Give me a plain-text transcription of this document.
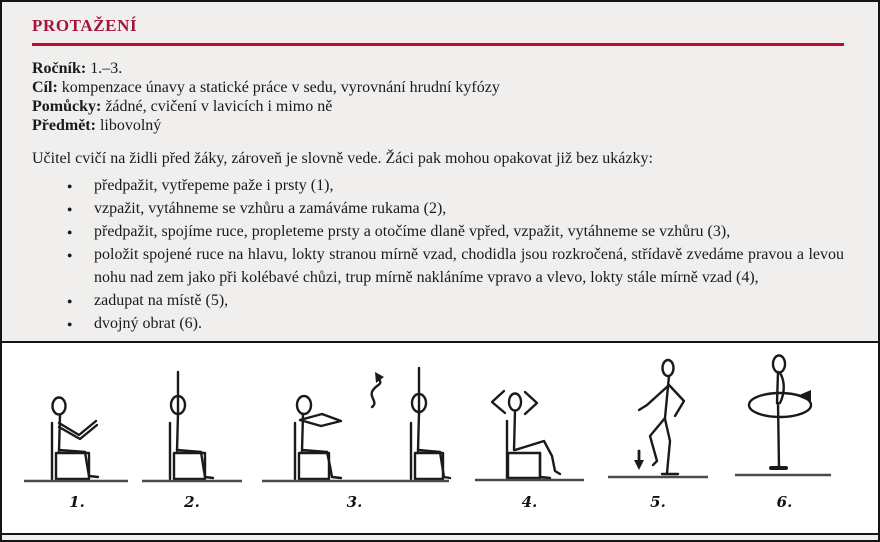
PROTAŽENÍ
Ročník: 1.–3.
Cíl: kompenzace únavy a statické práce v sedu, vyrovnání hrudní kyfózy
Pomůcky: žádné, cvičení v lavicích i mimo ně
Předmět: libovolný

Učitel cvičí na židli před žáky, zároveň je slovně vede. Žáci pak mohou opakovat již bez ukázky:

● předpažit, vytřepeme paže i prsty (1),
● vzpažit, vytáhneme se vzhůru a zamáváme rukama (2),
● předpažit, spojíme ruce, propleteme prsty a otočíme dlaně vpřed, vzpažit, vytáhneme se vzhůru (3),
● položit spojené ruce na hlavu, lokty stranou mírně vzad, chodidla jsou rozkročená, střídavě zvedáme pravou a levou nohu nad zem jako při kolébavé chůzi, trup mírně nakláníme vpravo a vlevo, lokty stále mírně vzad (4),
● zadupat na místě (5),
● dvojný obrat (6).
1.	2.	3.	4.	5.	6.
